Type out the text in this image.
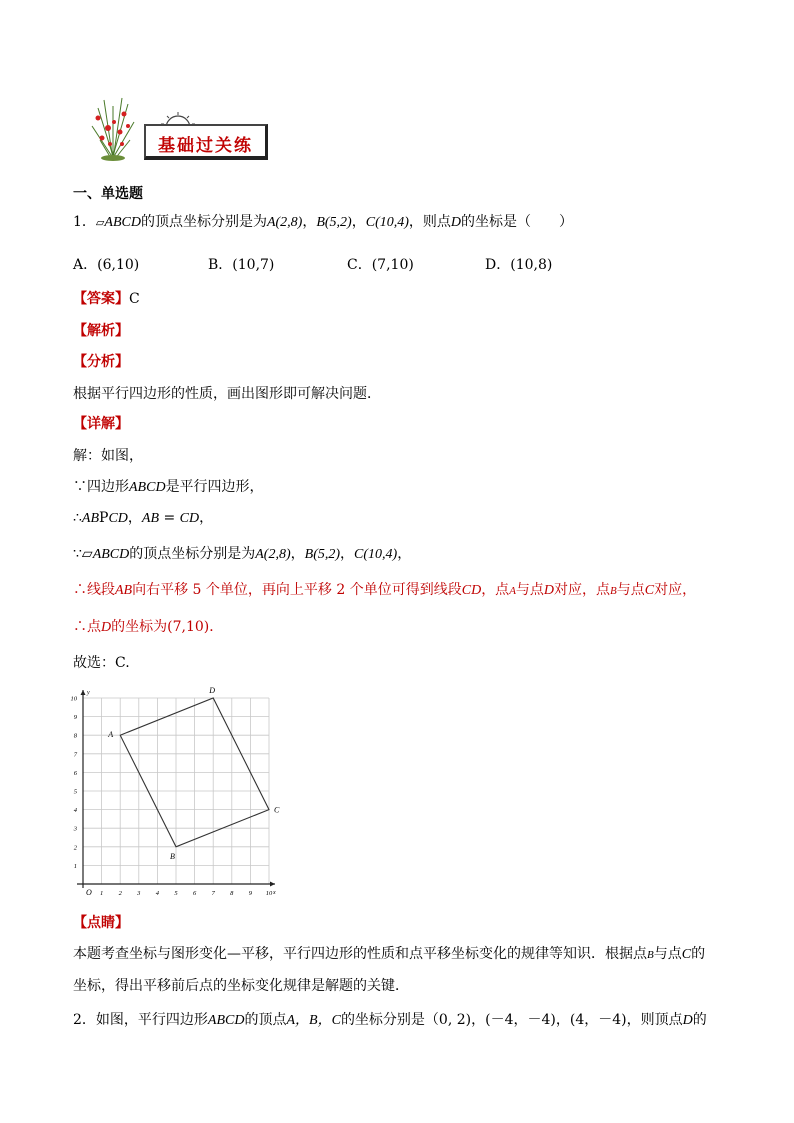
基础过关练
一、单选题
1．▱ABCD的顶点坐标分别是为A(2,8)，B(5,2)，C(10,4)，则点D的坐标是（　　）
A．(6,10)	B．(10,7)	C．(7,10)	D．(10,8)
【答案】C
【解析】
【分析】
根据平行四边形的性质，画出图形即可解决问题．
【详解】
解：如图，
∵四边形ABCD是平行四边形，
∴ABPCD，AB = CD，
∵▱ABCD的顶点坐标分别是为A(2,8)，B(5,2)，C(10,4)，
∴线段AB向右平移 5 个单位，再向上平移 2 个单位可得到线段CD，点A与点D对应，点B与点C对应，
∴点D的坐标为(7,10)．
故选：C.
1 2 3 4 5 6 7 8 9 10
1
2
3
4
5
6
7
8
9
10
O	x
y
A
B
C
D
【点睛】
本题考查坐标与图形变化—平移，平行四边形的性质和点平移坐标变化的规律等知识．根据点B与点C的
坐标，得出平移前后点的坐标变化规律是解题的关键．
2．如图，平行四边形ABCD的顶点A，B，C的坐标分别是（0, 2)，(－4，－4)，(4，－4)，则顶点D的
